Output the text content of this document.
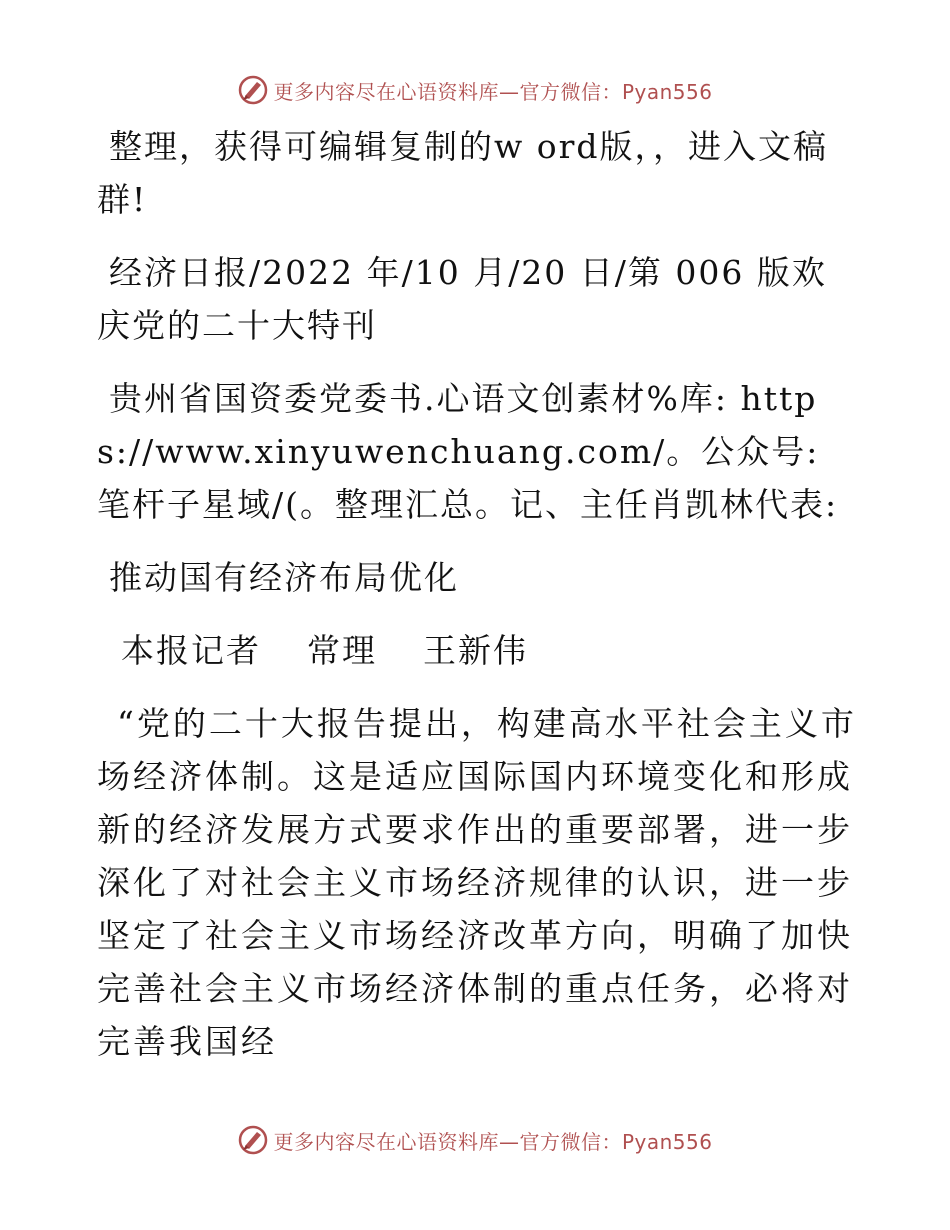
更多内容尽在心语资料库—官方微信：Pyan556

整理，获得可编辑复制的w ord版，，进入文稿群!

经济日报/2022 年/10 月/20 日/第 006 版欢庆党的二十大特刊

贵州省国资委党委书.心语文创素材%库: https://www.xinyuwenchuang.com/。公众号: 笔杆子星域/(。整理汇总。记、主任肖凯林代表:

推动国有经济布局优化

本报记者 常理 王新伟

“党的二十大报告提出，构建高水平社会主义市场经济体制。这是适应国际国内环境变化和形成新的经济发展方式要求作出的重要部署，进一步深化了对社会主义市场经济规律的认识，进一步坚定了社会主义市场经济改革方向，明确了加快完善社会主义市场经济体制的重点任务，必将对完善我国经

更多内容尽在心语资料库—官方微信：Pyan556
